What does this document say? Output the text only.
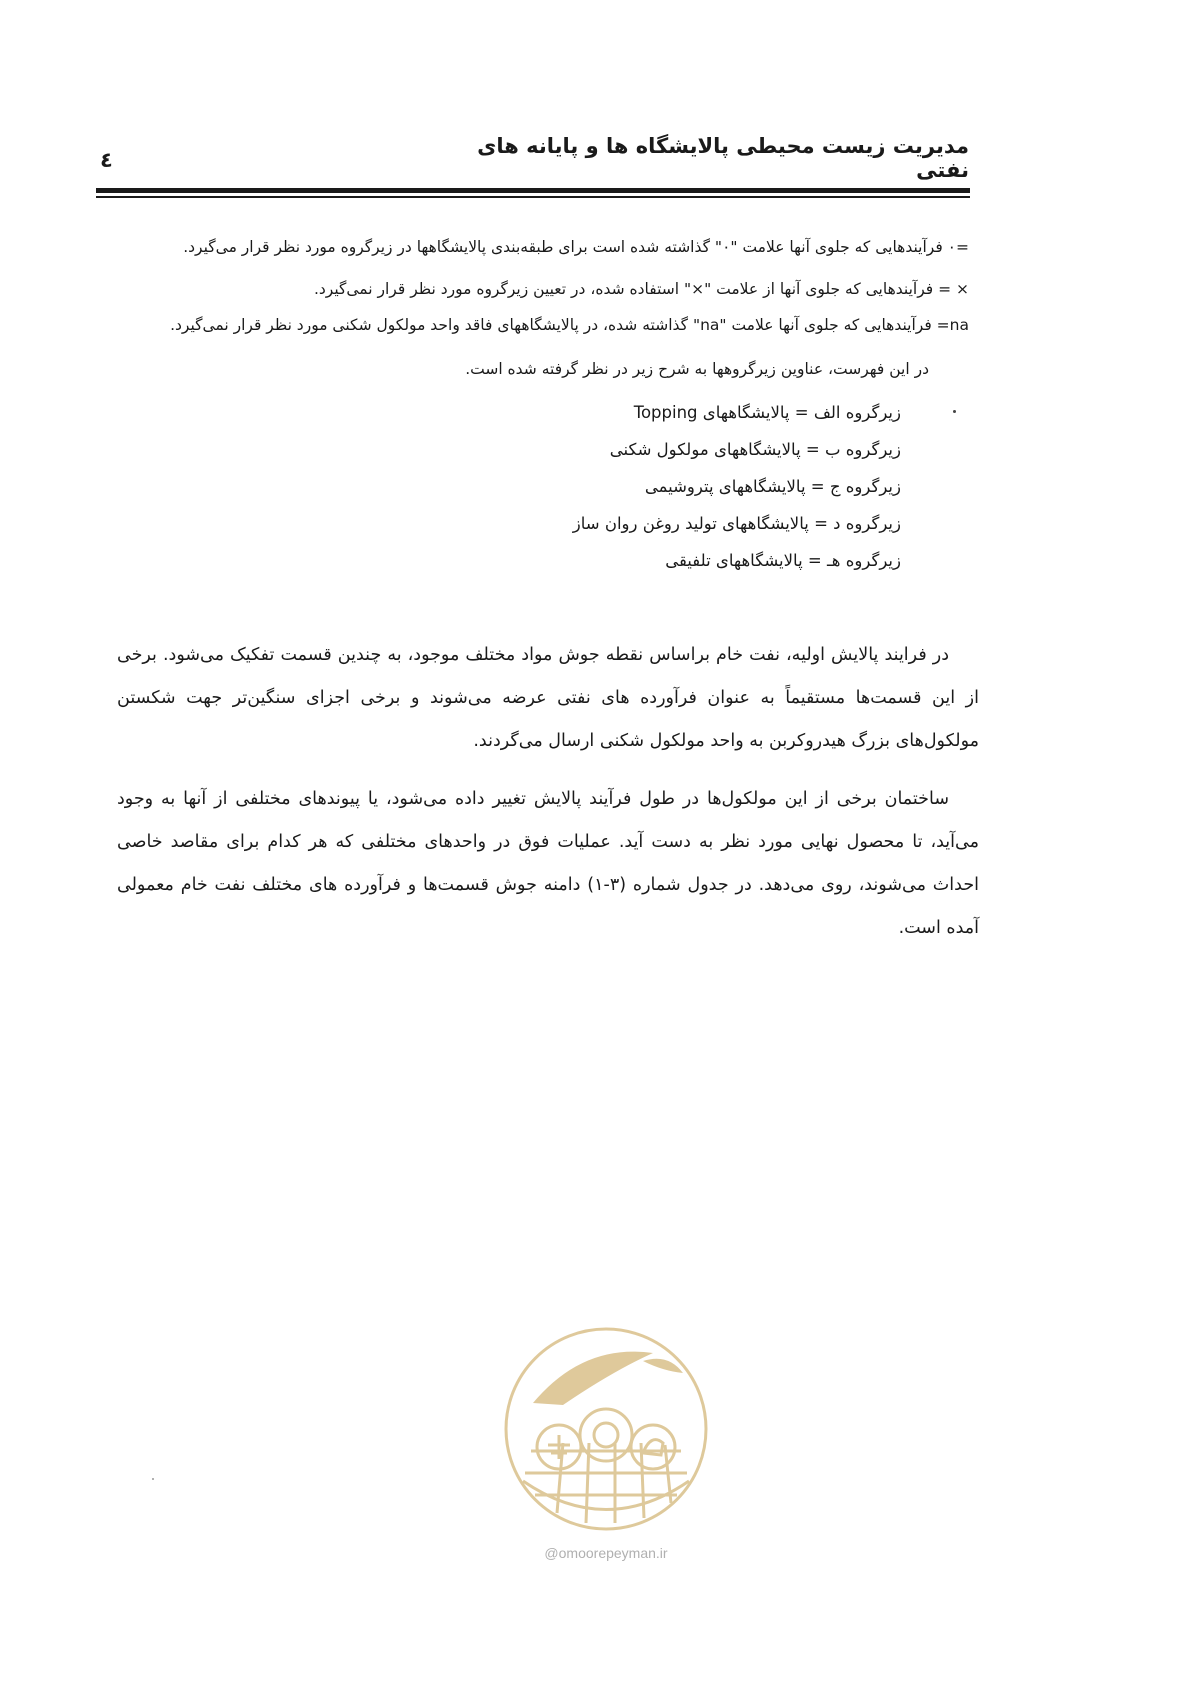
٤
مدیریت زیست محیطی پالایشگاه ها و پایانه های نفتی
=٠ فرآیندهایی که جلوی آنها علامت "٠" گذاشته شده است برای طبقه‌بندی پالایشگاهها در زیرگروه مورد نظر قرار می‌گیرد.
× = فرآیندهایی که جلوی آنها از علامت "×" استفاده شده، در تعیین زیرگروه مورد نظر قرار نمی‌گیرد.
na= فرآیندهایی که جلوی آنها علامت "na" گذاشته شده، در پالایشگاههای فاقد واحد مولکول شکنی مورد نظر قرار نمی‌گیرد.
در این فهرست، عناوین زیرگروهها به شرح زیر در نظر گرفته شده است.
زیرگروه الف = پالایشگاههای Topping
زیرگروه ب = پالایشگاههای مولکول شکنی
زیرگروه ج = پالایشگاههای پتروشیمی
زیرگروه د = پالایشگاههای تولید روغن روان ساز
زیرگروه هـ = پالایشگاههای تلفیقی
در فرایند پالایش اولیه، نفت خام براساس نقطه جوش مواد مختلف موجود، به چندین قسمت تفکیک می‌شود. برخی از این قسمت‌ها مستقیماً به عنوان فرآورده های نفتی عرضه می‌شوند و برخی اجزای سنگین‌تر جهت شکستن مولکول‌های بزرگ هیدروکربن به واحد مولکول شکنی ارسال می‌گردند.
ساختمان برخی از این مولکول‌ها در طول فرآیند پالایش تغییر داده می‌شود، یا پیوندهای مختلفی از آنها به وجود می‌آید، تا محصول نهایی مورد نظر به دست آید. عملیات فوق در واحدهای مختلفی که هر کدام برای مقاصد خاصی احداث می‌شوند، روی می‌دهد. در جدول شماره (۳-۱) دامنه جوش قسمت‌ها و فرآورده های مختلف نفت خام معمولی آمده است.
@omoorepeyman.ir
